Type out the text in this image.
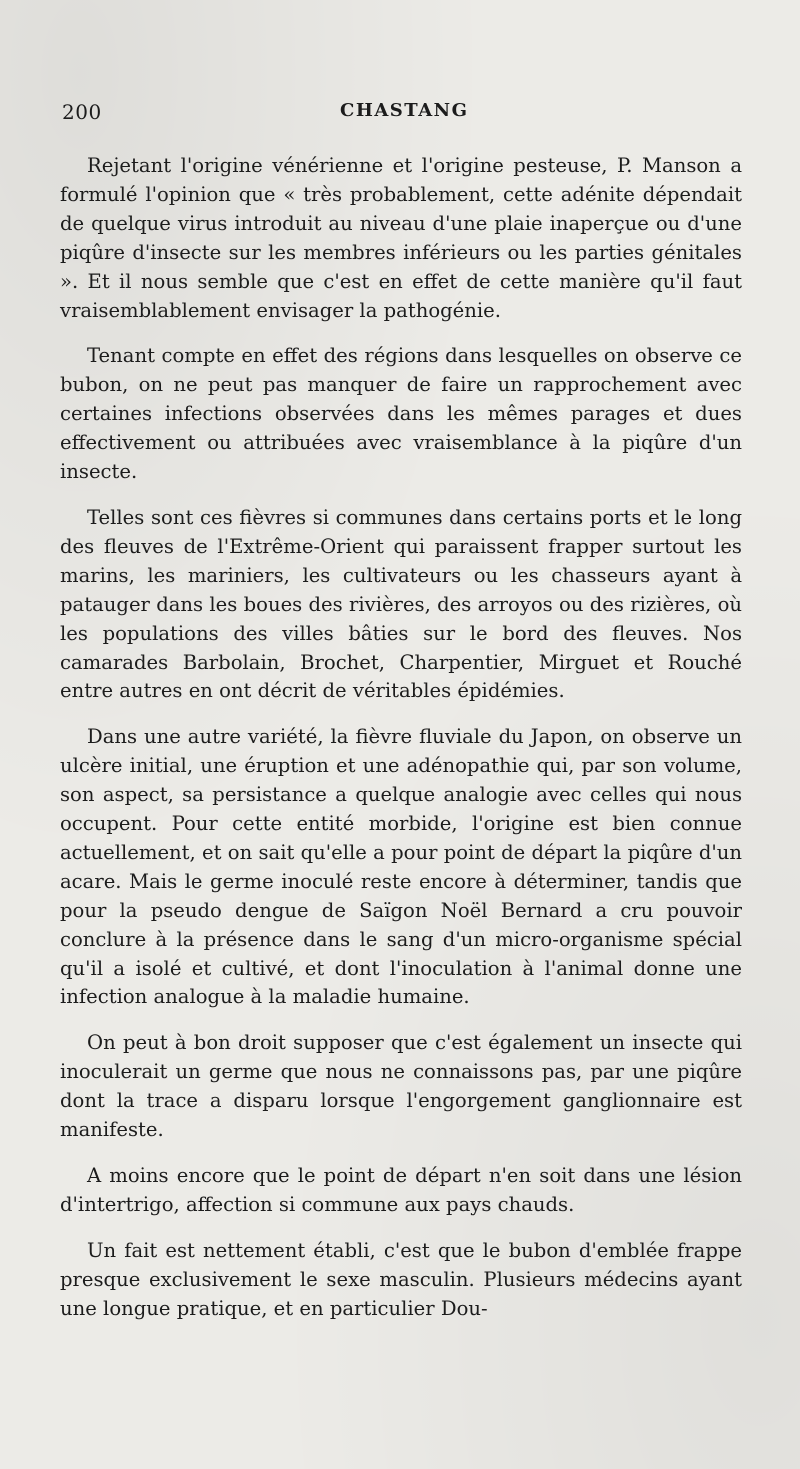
200	CHASTANG

Rejetant l'origine vénérienne et l'origine pesteuse, P. Manson a formulé l'opinion que « très probablement, cette adénite dépendait de quelque virus introduit au niveau d'une plaie inaperçue ou d'une piqûre d'insecte sur les membres inférieurs ou les parties génitales ». Et il nous semble que c'est en effet de cette manière qu'il faut vraisemblablement envisager la pathogénie.

Tenant compte en effet des régions dans lesquelles on observe ce bubon, on ne peut pas manquer de faire un rapprochement avec certaines infections observées dans les mêmes parages et dues effectivement ou attribuées avec vraisemblance à la piqûre d'un insecte.

Telles sont ces fièvres si communes dans certains ports et le long des fleuves de l'Extrême-Orient qui paraissent frapper surtout les marins, les mariniers, les cultivateurs ou les chasseurs ayant à patauger dans les boues des rivières, des arroyos ou des rizières, où les populations des villes bâties sur le bord des fleuves. Nos camarades Barbolain, Brochet, Charpentier, Mirguet et Rouché entre autres en ont décrit de véritables épidémies.

Dans une autre variété, la fièvre fluviale du Japon, on observe un ulcère initial, une éruption et une adénopathie qui, par son volume, son aspect, sa persistance a quelque analogie avec celles qui nous occupent. Pour cette entité morbide, l'origine est bien connue actuellement, et on sait qu'elle a pour point de départ la piqûre d'un acare. Mais le germe inoculé reste encore à déterminer, tandis que pour la pseudo dengue de Saïgon Noël Bernard a cru pouvoir conclure à la présence dans le sang d'un micro-organisme spécial qu'il a isolé et cultivé, et dont l'inoculation à l'animal donne une infection analogue à la maladie humaine.

On peut à bon droit supposer que c'est également un insecte qui inoculerait un germe que nous ne connaissons pas, par une piqûre dont la trace a disparu lorsque l'engorgement ganglionnaire est manifeste.

A moins encore que le point de départ n'en soit dans une lésion d'intertrigo, affection si commune aux pays chauds.

Un fait est nettement établi, c'est que le bubon d'emblée frappe presque exclusivement le sexe masculin. Plusieurs médecins ayant une longue pratique, et en particulier Dou-
